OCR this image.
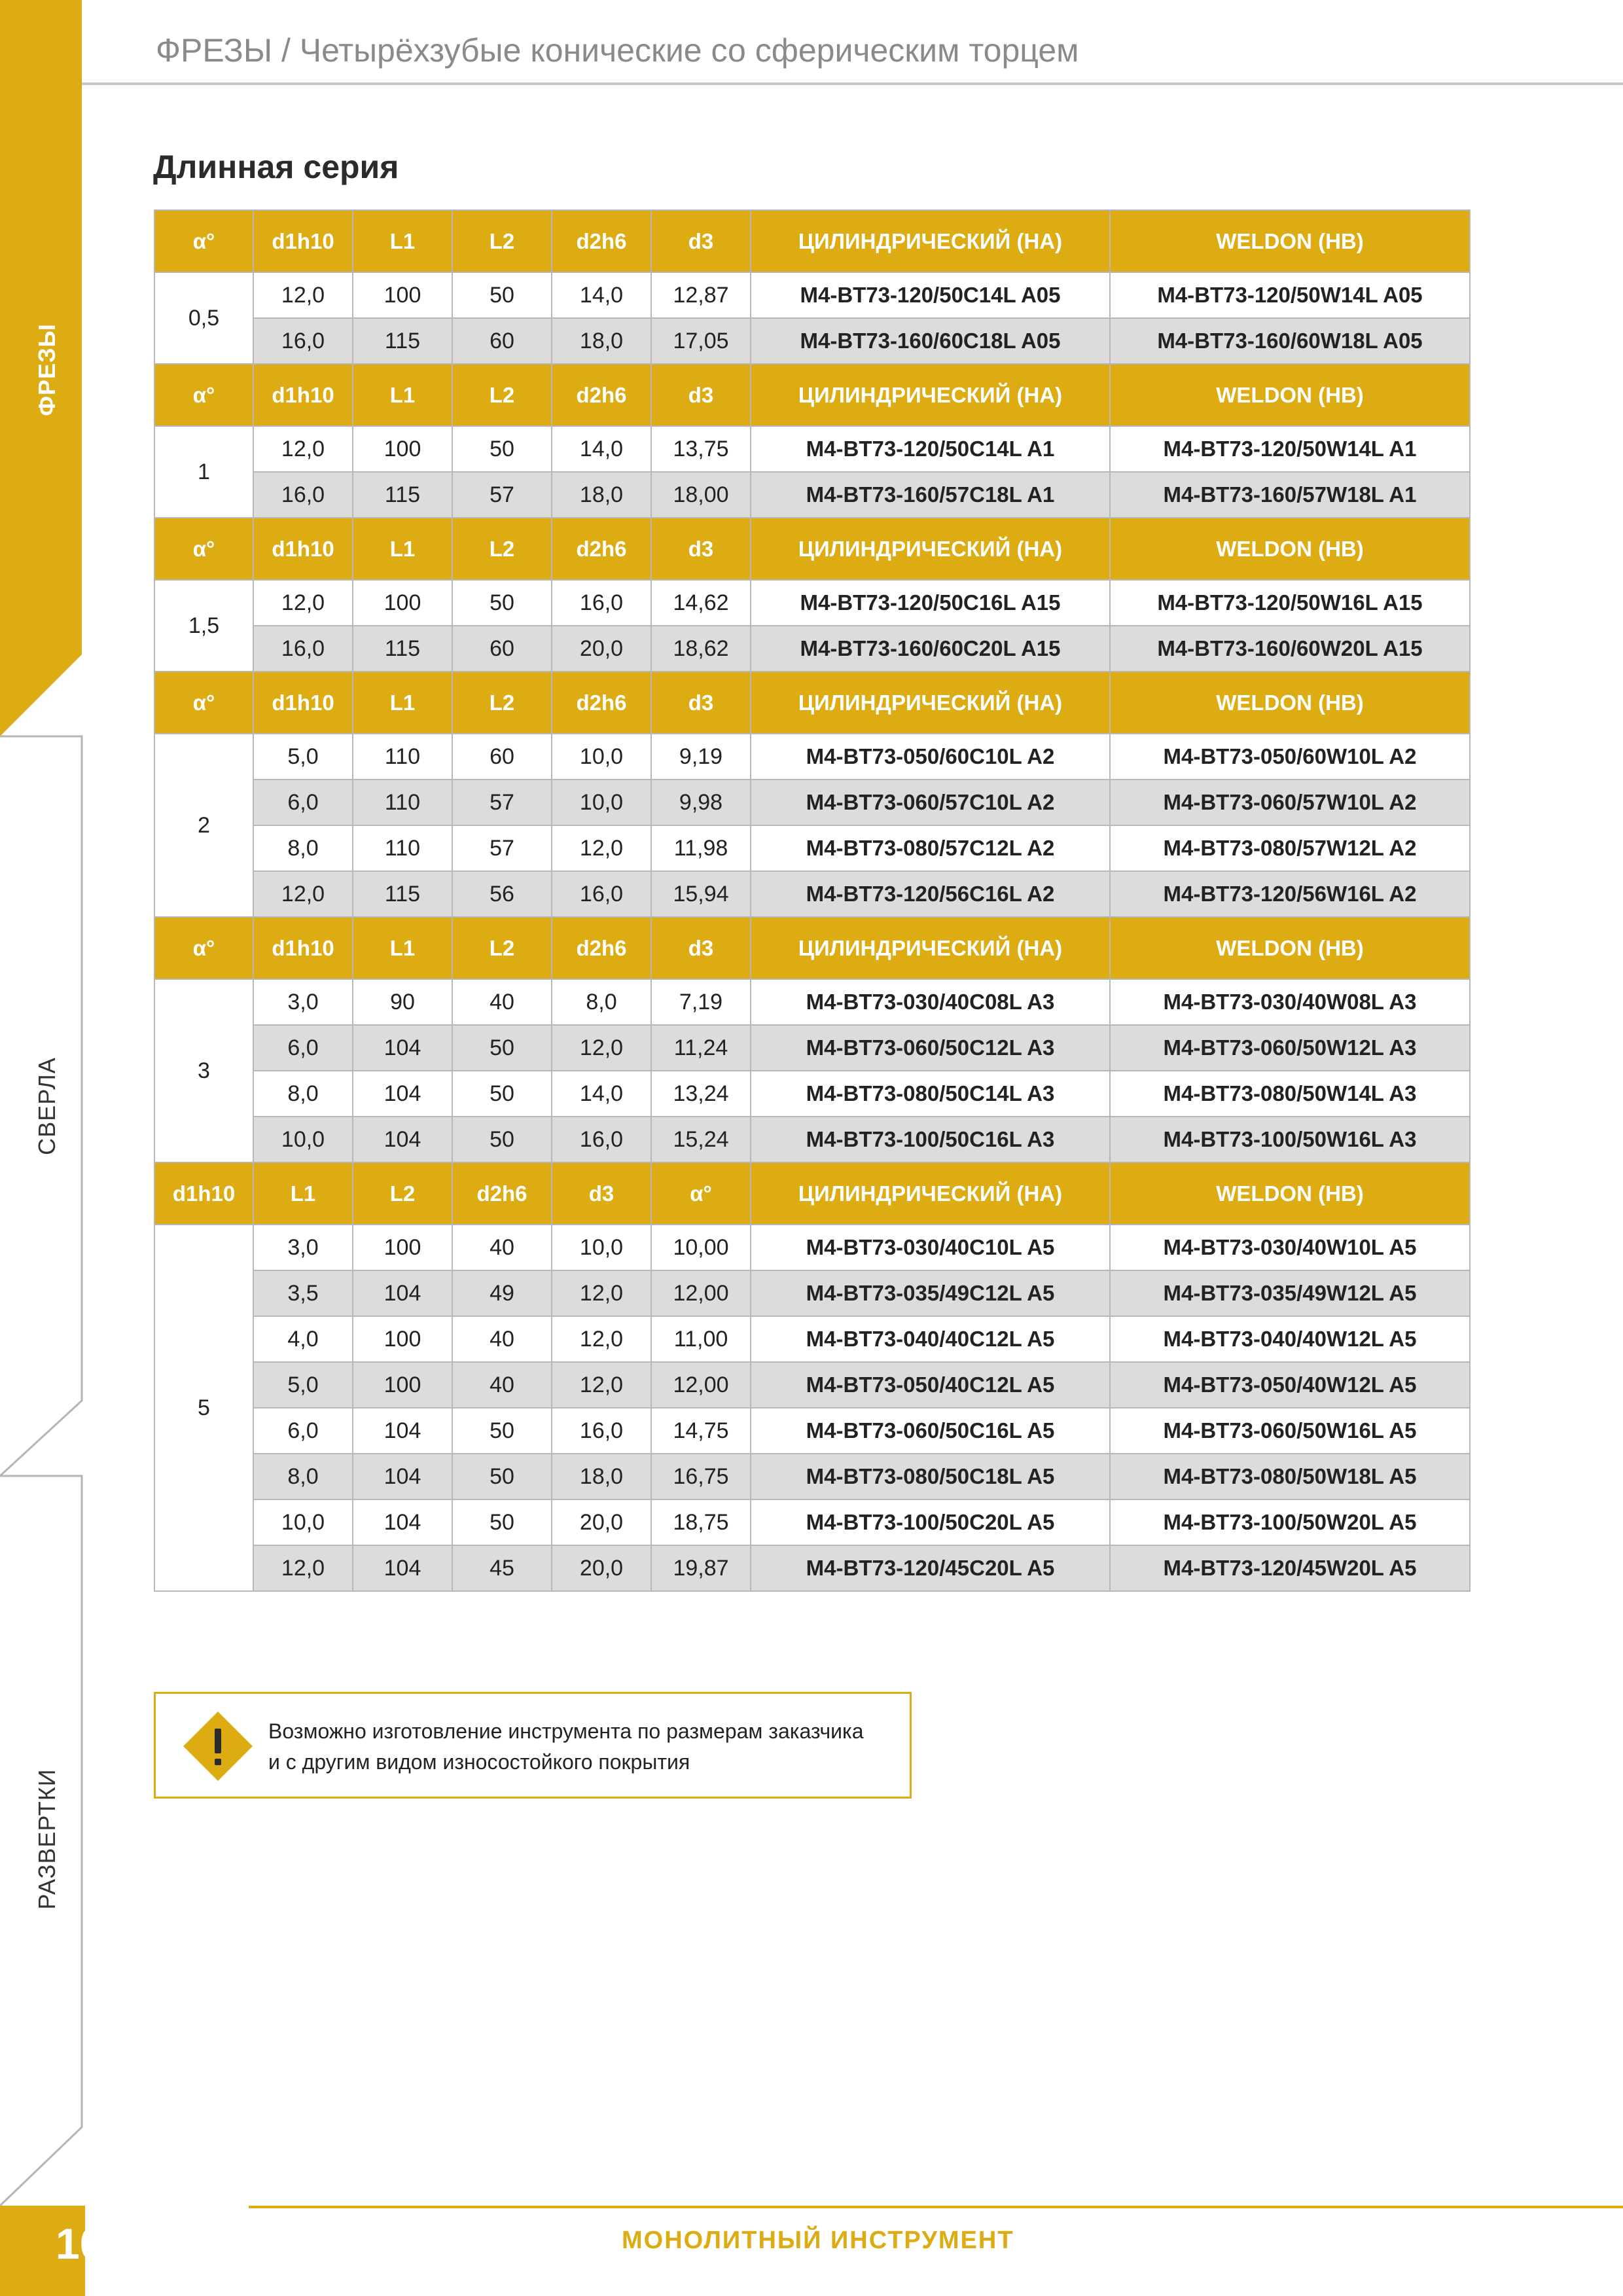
ФРЕЗЫ
СВЕРЛА
РАЗВЕРТКИ
ФРЕЗЫ / Четырёхзубые конические со сферическим торцем
Длинная серия
α°	d1h10	L1	L2	d2h6	d3	ЦИЛИНДРИЧЕСКИЙ (HA)	WELDON (HB)
0,5	12,0	100	50	14,0	12,87	M4-BT73-120/50C14L A05	M4-BT73-120/50W14L A05
	16,0	115	60	18,0	17,05	M4-BT73-160/60C18L A05	M4-BT73-160/60W18L A05
α°	d1h10	L1	L2	d2h6	d3	ЦИЛИНДРИЧЕСКИЙ (HA)	WELDON (HB)
1	12,0	100	50	14,0	13,75	M4-BT73-120/50C14L A1	M4-BT73-120/50W14L A1
	16,0	115	57	18,0	18,00	M4-BT73-160/57C18L A1	M4-BT73-160/57W18L A1
α°	d1h10	L1	L2	d2h6	d3	ЦИЛИНДРИЧЕСКИЙ (HA)	WELDON (HB)
1,5	12,0	100	50	16,0	14,62	M4-BT73-120/50C16L A15	M4-BT73-120/50W16L A15
	16,0	115	60	20,0	18,62	M4-BT73-160/60C20L A15	M4-BT73-160/60W20L A15
α°	d1h10	L1	L2	d2h6	d3	ЦИЛИНДРИЧЕСКИЙ (HA)	WELDON (HB)
2	5,0	110	60	10,0	9,19	M4-BT73-050/60C10L A2	M4-BT73-050/60W10L A2
	6,0	110	57	10,0	9,98	M4-BT73-060/57C10L A2	M4-BT73-060/57W10L A2
	8,0	110	57	12,0	11,98	M4-BT73-080/57C12L A2	M4-BT73-080/57W12L A2
	12,0	115	56	16,0	15,94	M4-BT73-120/56C16L A2	M4-BT73-120/56W16L A2
α°	d1h10	L1	L2	d2h6	d3	ЦИЛИНДРИЧЕСКИЙ (HA)	WELDON (HB)
3	3,0	90	40	8,0	7,19	M4-BT73-030/40C08L A3	M4-BT73-030/40W08L A3
	6,0	104	50	12,0	11,24	M4-BT73-060/50C12L A3	M4-BT73-060/50W12L A3
	8,0	104	50	14,0	13,24	M4-BT73-080/50C14L A3	M4-BT73-080/50W14L A3
	10,0	104	50	16,0	15,24	M4-BT73-100/50C16L A3	M4-BT73-100/50W16L A3
d1h10	L1	L2	d2h6	d3	α°	ЦИЛИНДРИЧЕСКИЙ (HA)	WELDON (HB)
5	3,0	100	40	10,0	10,00	M4-BT73-030/40C10L A5	M4-BT73-030/40W10L A5
	3,5	104	49	12,0	12,00	M4-BT73-035/49C12L A5	M4-BT73-035/49W12L A5
	4,0	100	40	12,0	11,00	M4-BT73-040/40C12L A5	M4-BT73-040/40W12L A5
	5,0	100	40	12,0	12,00	M4-BT73-050/40C12L A5	M4-BT73-050/40W12L A5
	6,0	104	50	16,0	14,75	M4-BT73-060/50C16L A5	M4-BT73-060/50W16L A5
	8,0	104	50	18,0	16,75	M4-BT73-080/50C18L A5	M4-BT73-080/50W18L A5
	10,0	104	50	20,0	18,75	M4-BT73-100/50C20L A5	M4-BT73-100/50W20L A5
	12,0	104	45	20,0	19,87	M4-BT73-120/45C20L A5	M4-BT73-120/45W20L A5
Возможно изготовление инструмента по размерам заказчика
и с другим видом износостойкого покрытия
106	МОНОЛИТНЫЙ ИНСТРУМЕНТ
